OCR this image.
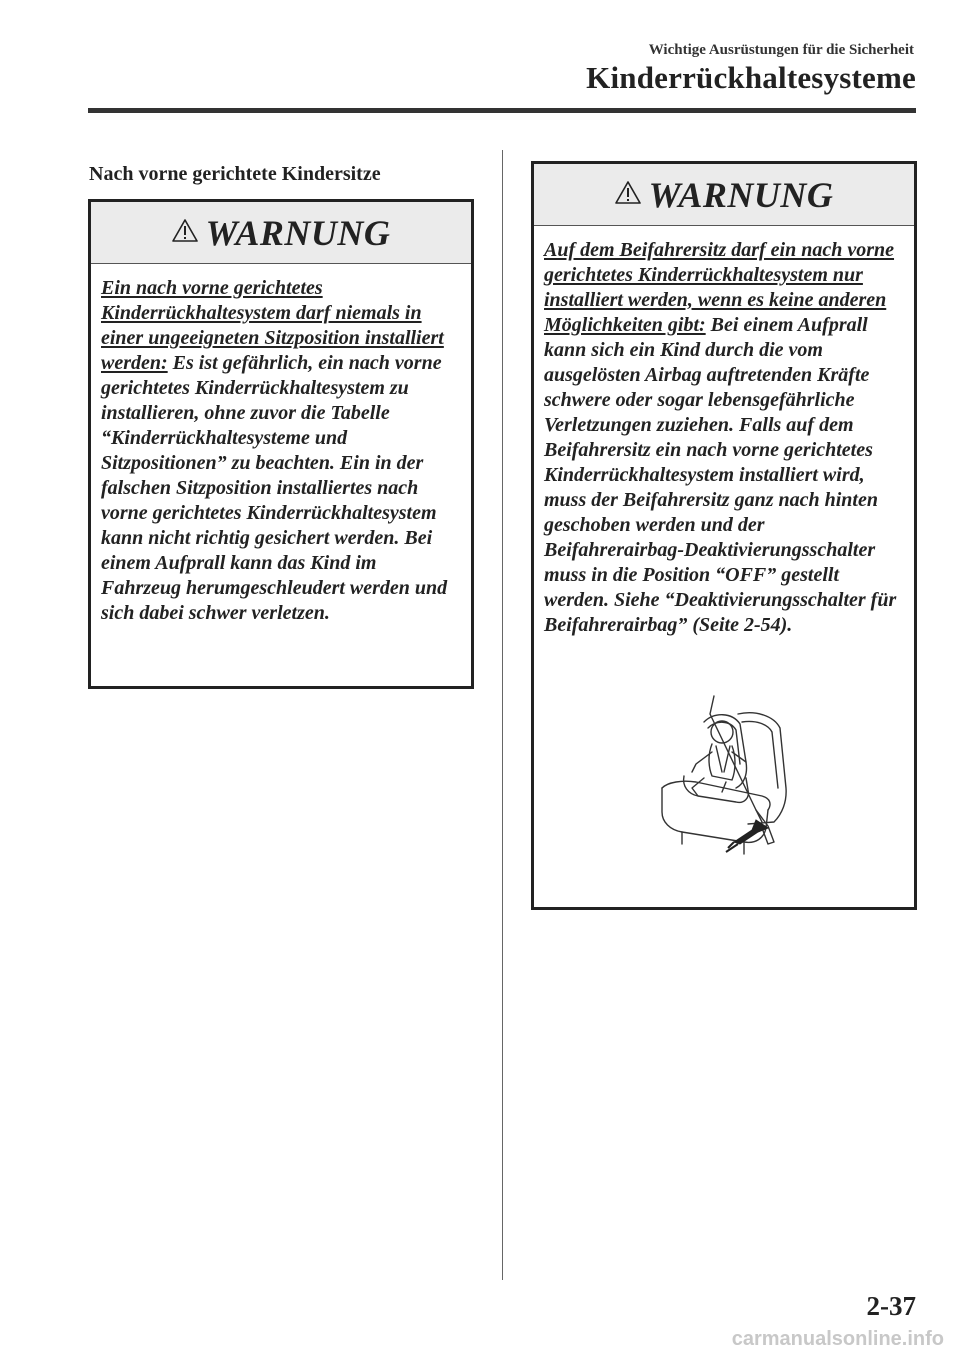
Wichtige Ausrüstungen für die Sicherheit
Kinderrückhaltesysteme
Nach vorne gerichtete Kindersitze
WARNUNG
Ein nach vorne gerichtetes Kinderrückhaltesystem darf niemals in einer ungeeigneten Sitzposition installiert werden: Es ist gefährlich, ein nach vorne gerichtetes Kinderrückhaltesystem zu installieren, ohne zuvor die Tabelle “Kinderrückhaltesysteme und Sitzpositionen” zu beachten. Ein in der falschen Sitzposition installiertes nach vorne gerichtetes Kinderrückhaltesystem kann nicht richtig gesichert werden. Bei einem Aufprall kann das Kind im Fahrzeug herumgeschleudert werden und sich dabei schwer verletzen.
WARNUNG
Auf dem Beifahrersitz darf ein nach vorne gerichtetes Kinderrückhaltesystem nur installiert werden, wenn es keine anderen Möglichkeiten gibt: Bei einem Aufprall kann sich ein Kind durch die vom ausgelösten Airbag auftretenden Kräfte schwere oder sogar lebensgefährliche Verletzungen zuziehen. Falls auf dem Beifahrersitz ein nach vorne gerichtetes Kinderrückhaltesystem installiert wird, muss der Beifahrersitz ganz nach hinten geschoben werden und der Beifahrerairbag-Deaktivierungsschalter muss in die Position “OFF” gestellt werden. Siehe “Deaktivierungsschalter für Beifahrerairbag” (Seite 2-54).
2-37
carmanualsonline.info
